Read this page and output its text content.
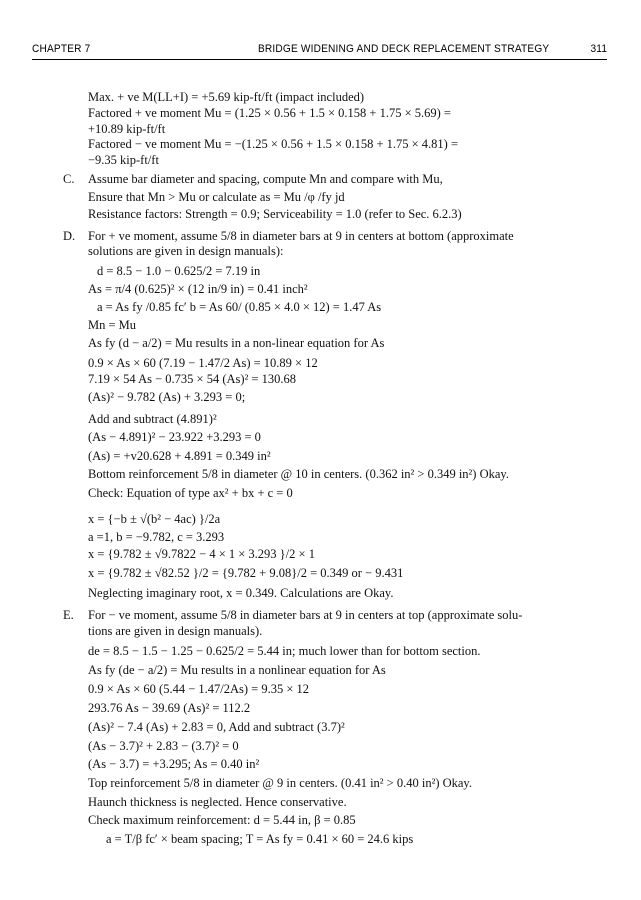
CHAPTER 7	BRIDGE WIDENING AND DECK REPLACEMENT STRATEGY	311
Max. + ve M(LL+I) = +5.69 kip-ft/ft (impact included)
Factored + ve moment Mu = (1.25 × 0.56 + 1.5 × 0.158 + 1.75 × 5.69) =
+10.89 kip-ft/ft
Factored − ve moment Mu = −(1.25 × 0.56 + 1.5 × 0.158 + 1.75 × 4.81) =
−9.35 kip-ft/ft
C. Assume bar diameter and spacing, compute Mn and compare with Mu,
Ensure that Mn > Mu or calculate as = Mu /φ /fy jd
Resistance factors: Strength = 0.9; Serviceability = 1.0 (refer to Sec. 6.2.3)
D. For + ve moment, assume 5/8 in diameter bars at 9 in centers at bottom (approximate
solutions are given in design manuals):
d = 8.5 − 1.0 − 0.625/2 = 7.19 in
As = π/4 (0.625)² × (12 in/9 in) = 0.41 inch²
a = As fy /0.85 fc′ b = As 60/ (0.85 × 4.0 × 12) = 1.47 As
Mn = Mu
As fy (d − a/2) = Mu results in a non-linear equation for As
0.9 × As × 60 (7.19 − 1.47/2 As) = 10.89 × 12
7.19 × 54 As − 0.735 × 54 (As)² = 130.68
(As)² − 9.782 (As) + 3.293 = 0;
Add and subtract (4.891)²
(As − 4.891)² − 23.922 +3.293 = 0
(As) = +v20.628 + 4.891 = 0.349 in²
Bottom reinforcement 5/8 in diameter @ 10 in centers. (0.362 in² > 0.349 in²) Okay.
Check: Equation of type ax² + bx + c = 0
x = {−b ± √(b² − 4ac) }/2a
a =1, b = −9.782, c = 3.293
x = {9.782 ± √9.7822 − 4 × 1 × 3.293 }/2 × 1
x = {9.782 ± √82.52 }/2 = {9.782 + 9.08}/2 = 0.349 or − 9.431
Neglecting imaginary root, x = 0.349. Calculations are Okay.
E. For − ve moment, assume 5/8 in diameter bars at 9 in centers at top (approximate solu-
tions are given in design manuals).
de = 8.5 − 1.5 − 1.25 − 0.625/2 = 5.44 in; much lower than for bottom section.
As fy (de − a/2) = Mu results in a nonlinear equation for As
0.9 × As × 60 (5.44 − 1.47/2As) = 9.35 × 12
293.76 As − 39.69 (As)² = 112.2
(As)² − 7.4 (As) + 2.83 = 0, Add and subtract (3.7)²
(As − 3.7)² + 2.83 − (3.7)² = 0
(As − 3.7) = +3.295; As = 0.40 in²
Top reinforcement 5/8 in diameter @ 9 in centers. (0.41 in² > 0.40 in²) Okay.
Haunch thickness is neglected. Hence conservative.
Check maximum reinforcement: d = 5.44 in, β = 0.85
a = T/β fc′ × beam spacing; T = As fy = 0.41 × 60 = 24.6 kips
